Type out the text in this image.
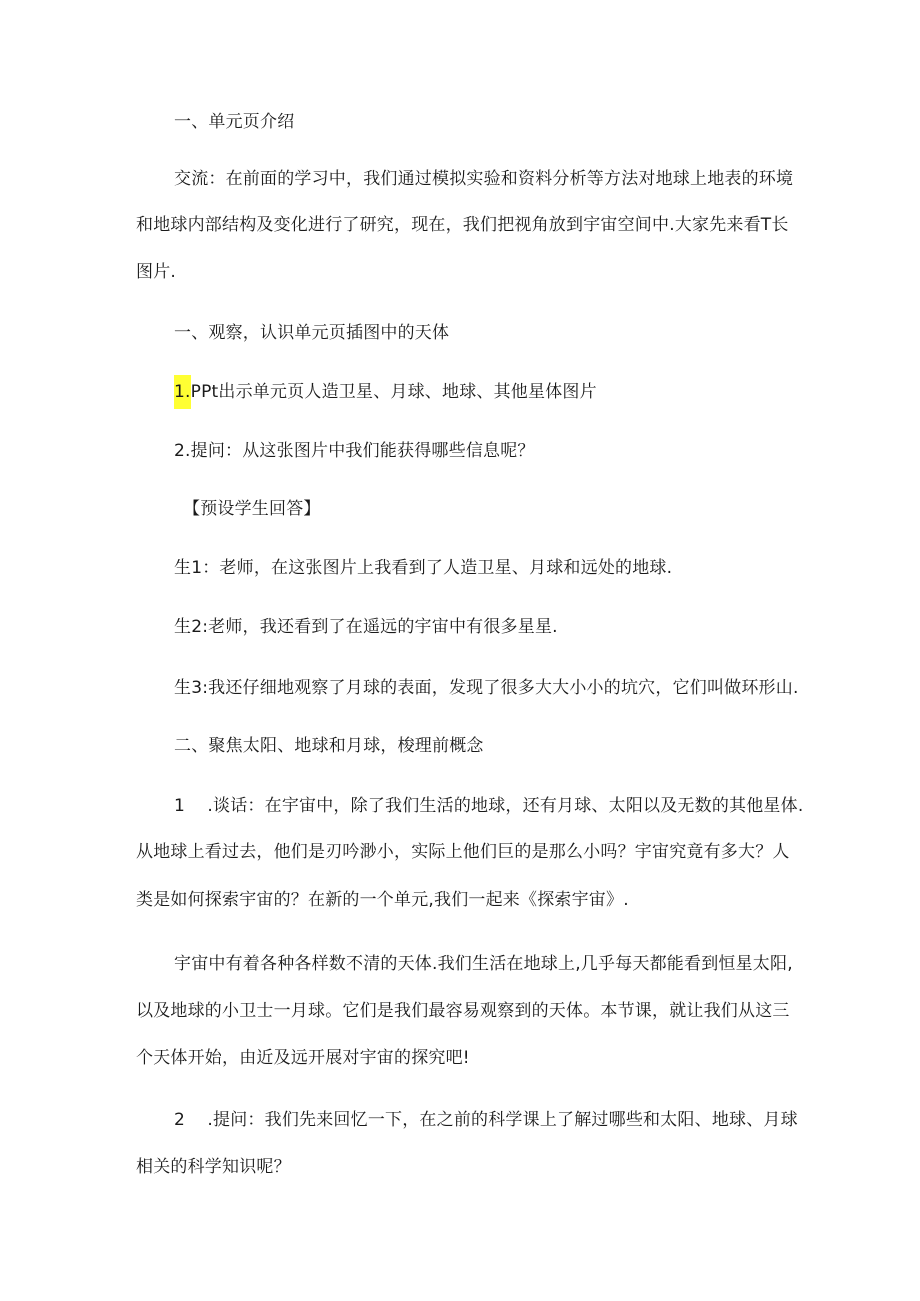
一、单元页介绍
交流：在前面的学习中，我们通过模拟实验和资料分析等方法对地球上地表的环境
和地球内部结构及变化进行了研究，现在，我们把视角放到宇宙空间中.大家先来看T长
图片.
一、观察，认识单元页插图中的天体
1.PPt出示单元页人造卫星、月球、地球、其他星体图片
2.提问：从这张图片中我们能获得哪些信息呢？
【预设学生回答】
生1：老师，在这张图片上我看到了人造卫星、月球和远处的地球.
生2:老师，我还看到了在遥远的宇宙中有很多星星.
生3:我还仔细地观察了月球的表面，发现了很多大大小小的坑穴，它们叫做环形山.
二、聚焦太阳、地球和月球，梭理前概念
1    .谈话：在宇宙中，除了我们生活的地球，还有月球、太阳以及无数的其他星体.
从地球上看过去，他们是刃吟渺小，实际上他们巨的是那么小吗？宇宙究竟有多大？人
类是如何探索宇宙的？在新的一个单元,我们一起来《探索宇宙》.
宇宙中有着各种各样数不清的天体.我们生活在地球上,几乎每天都能看到恒星太阳,
以及地球的小卫士一月球。它们是我们最容易观察到的天体。本节课，就让我们从这三
个天体开始，由近及远开展对宇宙的探究吧!
2    .提问：我们先来回忆一下，在之前的科学课上了解过哪些和太阳、地球、月球
相关的科学知识呢？
